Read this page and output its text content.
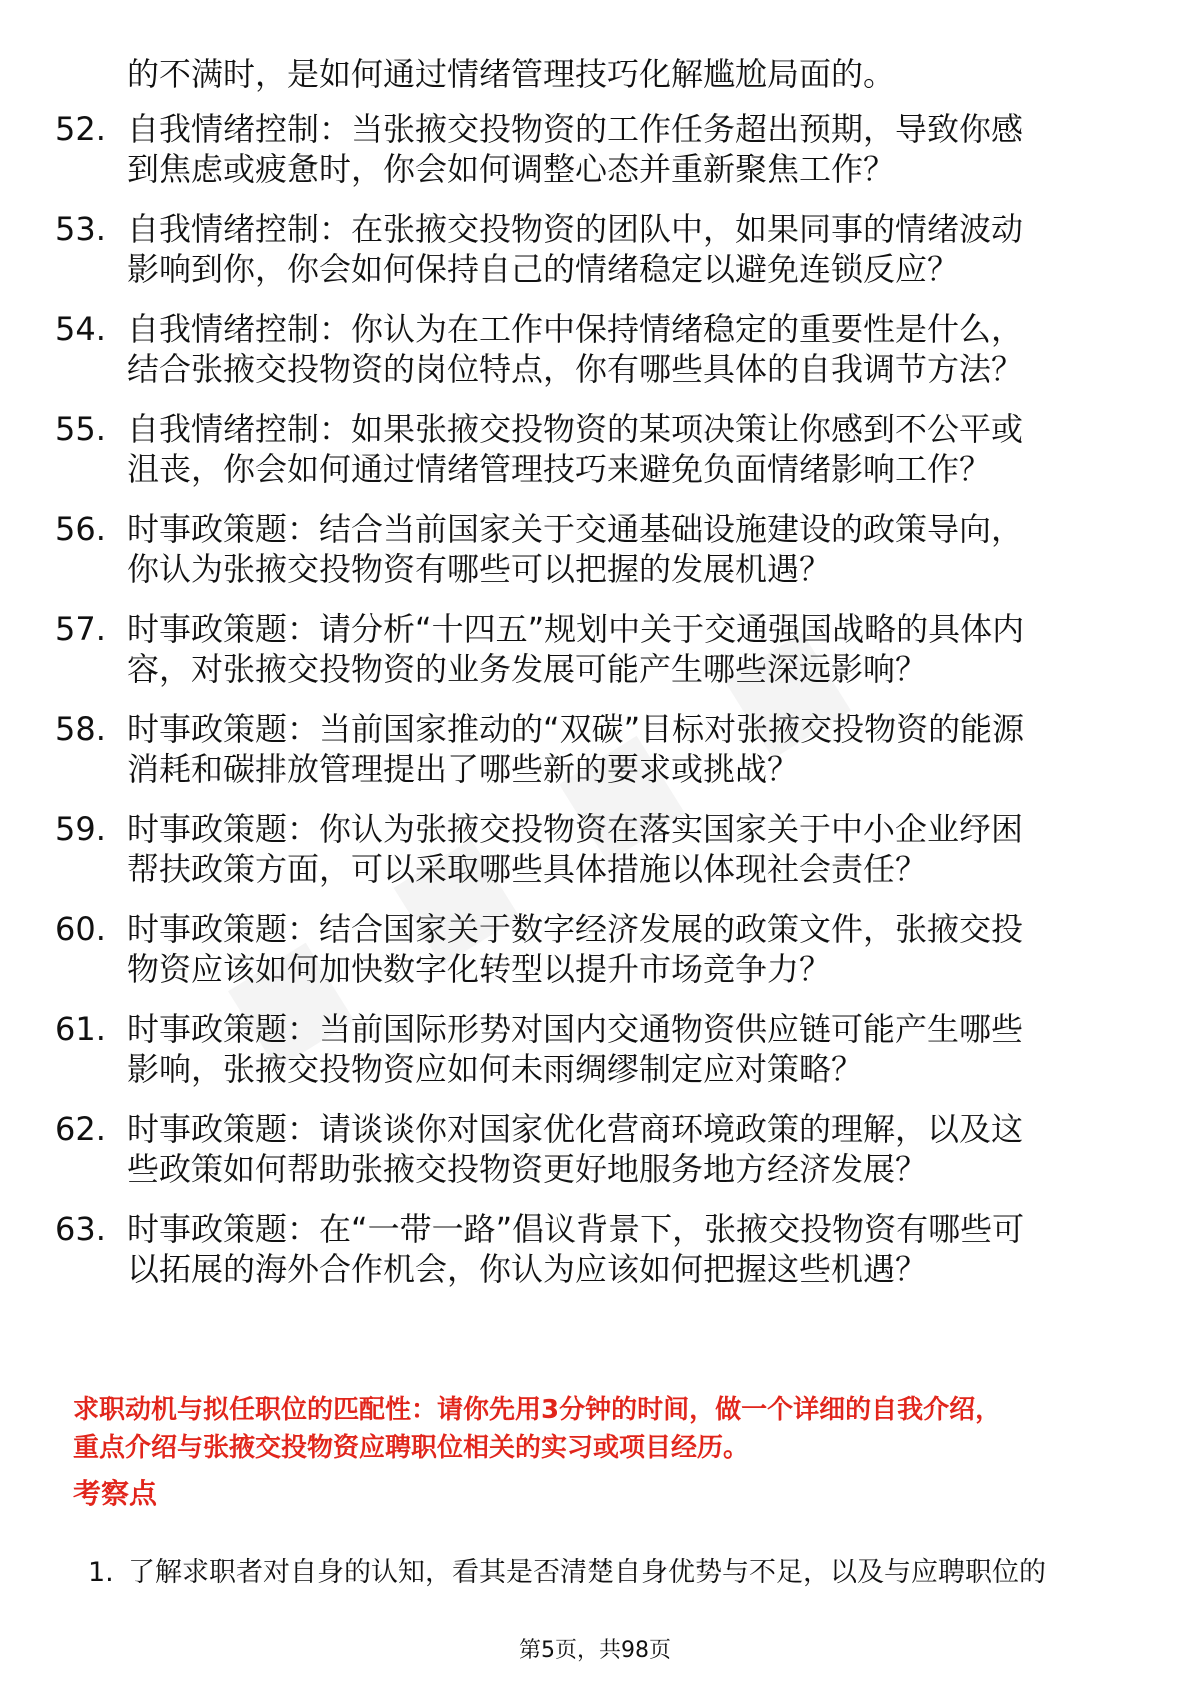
的不满时，是如何通过情绪管理技巧化解尴尬局面的。
52. 自我情绪控制：当张掖交投物资的工作任务超出预期，导致你感
到焦虑或疲惫时，你会如何调整心态并重新聚焦工作？
53. 自我情绪控制：在张掖交投物资的团队中，如果同事的情绪波动
影响到你，你会如何保持自己的情绪稳定以避免连锁反应？
54. 自我情绪控制：你认为在工作中保持情绪稳定的重要性是什么，
结合张掖交投物资的岗位特点，你有哪些具体的自我调节方法？
55. 自我情绪控制：如果张掖交投物资的某项决策让你感到不公平或
沮丧，你会如何通过情绪管理技巧来避免负面情绪影响工作？
56. 时事政策题：结合当前国家关于交通基础设施建设的政策导向，
你认为张掖交投物资有哪些可以把握的发展机遇？
57. 时事政策题：请分析“十四五”规划中关于交通强国战略的具体内
容，对张掖交投物资的业务发展可能产生哪些深远影响？
58. 时事政策题：当前国家推动的“双碳”目标对张掖交投物资的能源
消耗和碳排放管理提出了哪些新的要求或挑战？
59. 时事政策题：你认为张掖交投物资在落实国家关于中小企业纾困
帮扶政策方面，可以采取哪些具体措施以体现社会责任？
60. 时事政策题：结合国家关于数字经济发展的政策文件，张掖交投
物资应该如何加快数字化转型以提升市场竞争力？
61. 时事政策题：当前国际形势对国内交通物资供应链可能产生哪些
影响，张掖交投物资应如何未雨绸缪制定应对策略？
62. 时事政策题：请谈谈你对国家优化营商环境政策的理解，以及这
些政策如何帮助张掖交投物资更好地服务地方经济发展？
63. 时事政策题：在“一带一路”倡议背景下，张掖交投物资有哪些可
以拓展的海外合作机会，你认为应该如何把握这些机遇？
求职动机与拟任职位的匹配性：请你先用3分钟的时间，做一个详细的自我介绍，
重点介绍与张掖交投物资应聘职位相关的实习或项目经历。
考察点
1. 了解求职者对自身的认知，看其是否清楚自身优势与不足，以及与应聘职位的
第5页，共98页
